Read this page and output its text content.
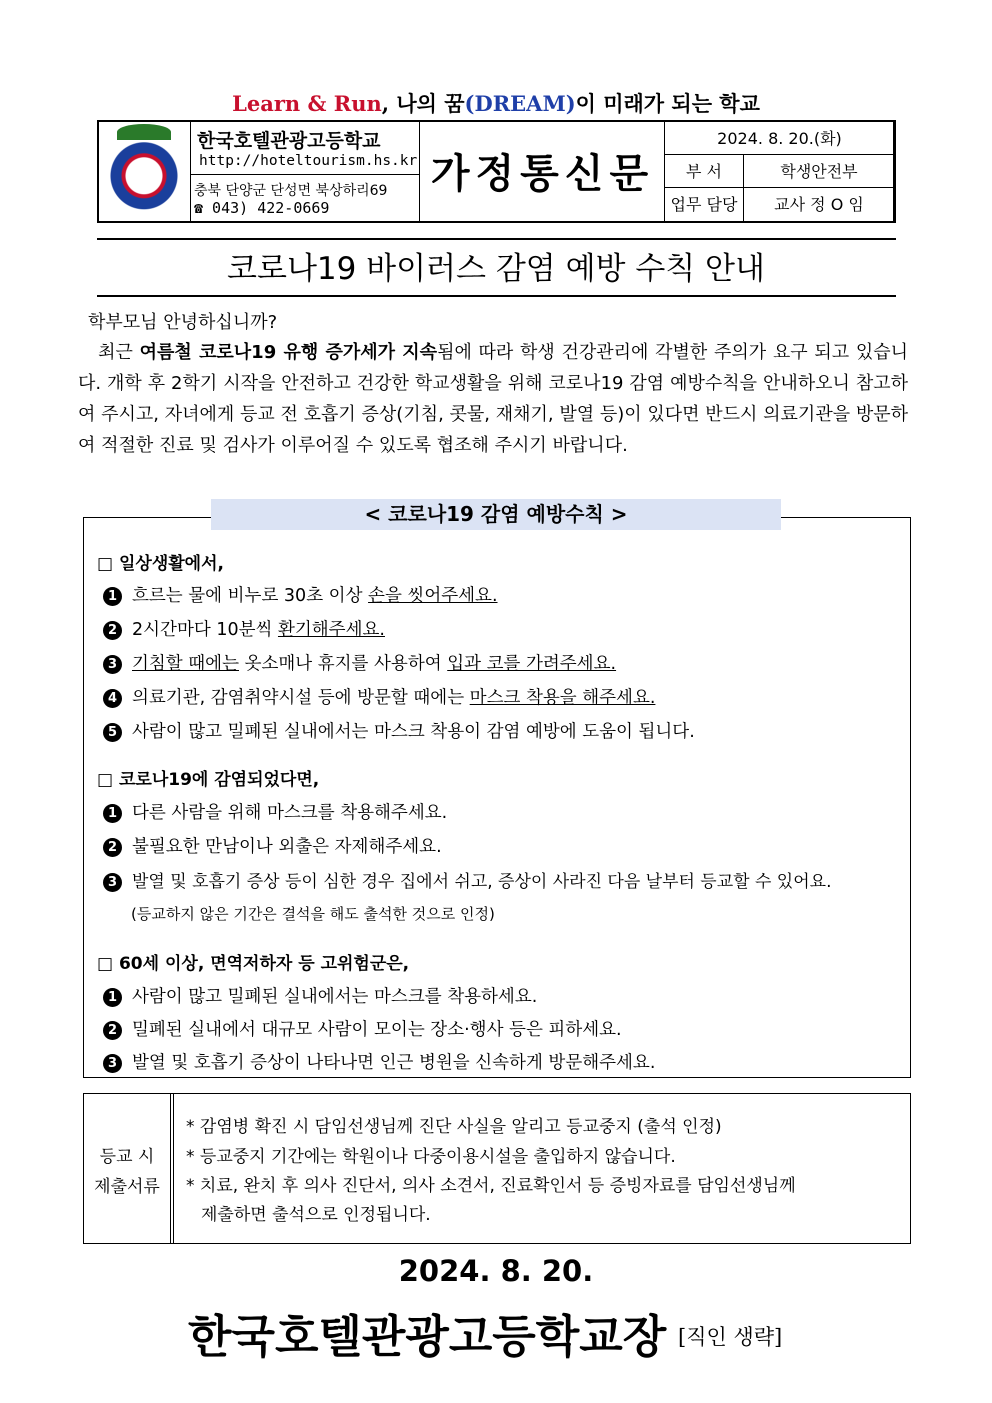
Learn & Run, 나의 꿈(DREAM)이 미래가 되는 학교
한국호텔관광고등학교
http://hoteltourism.hs.kr
충북 단양군 단성면 북상하리69
☎ 043) 422-0669
가정통신문
2024. 8. 20.(화)
부 서	학생안전부
업무 담당	교사 정 O 임
코로나19 바이러스 감염 예방 수칙 안내
학부모님 안녕하십니까?
최근 여름철 코로나19 유행 증가세가 지속됨에 따라 학생 건강관리에 각별한 주의가 요구 되고 있습니다. 개학 후 2학기 시작을 안전하고 건강한 학교생활을 위해 코로나19 감염 예방수칙을 안내하오니 참고하여 주시고, 자녀에게 등교 전 호흡기 증상(기침, 콧물, 재채기, 발열 등)이 있다면 반드시 의료기관을 방문하여 적절한 진료 및 검사가 이루어질 수 있도록 협조해 주시기 바랍니다.
< 코로나19 감염 예방수칙 >
□ 일상생활에서,
1 흐르는 물에 비누로 30초 이상 손을 씻어주세요.
2 2시간마다 10분씩 환기해주세요.
3 기침할 때에는 옷소매나 휴지를 사용하여 입과 코를 가려주세요.
4 의료기관, 감염취약시설 등에 방문할 때에는 마스크 착용을 해주세요.
5 사람이 많고 밀폐된 실내에서는 마스크 착용이 감염 예방에 도움이 됩니다.
□ 코로나19에 감염되었다면,
1 다른 사람을 위해 마스크를 착용해주세요.
2 불필요한 만남이나 외출은 자제해주세요.
3 발열 및 호흡기 증상 등이 심한 경우 집에서 쉬고, 증상이 사라진 다음 날부터 등교할 수 있어요.
(등교하지 않은 기간은 결석을 해도 출석한 것으로 인정)
□ 60세 이상, 면역저하자 등 고위험군은,
1 사람이 많고 밀폐된 실내에서는 마스크를 착용하세요.
2 밀폐된 실내에서 대규모 사람이 모이는 장소·행사 등은 피하세요.
3 발열 및 호흡기 증상이 나타나면 인근 병원을 신속하게 방문해주세요.
등교 시
제출서류
* 감염병 확진 시 담임선생님께 진단 사실을 알리고 등교중지 (출석 인정)
* 등교중지 기간에는 학원이나 다중이용시설을 출입하지 않습니다.
* 치료, 완치 후 의사 진단서, 의사 소견서, 진료확인서 등 증빙자료를 담임선생님께
제출하면 출석으로 인정됩니다.
2024. 8. 20.
한국호텔관광고등학교장 [직인 생략]
